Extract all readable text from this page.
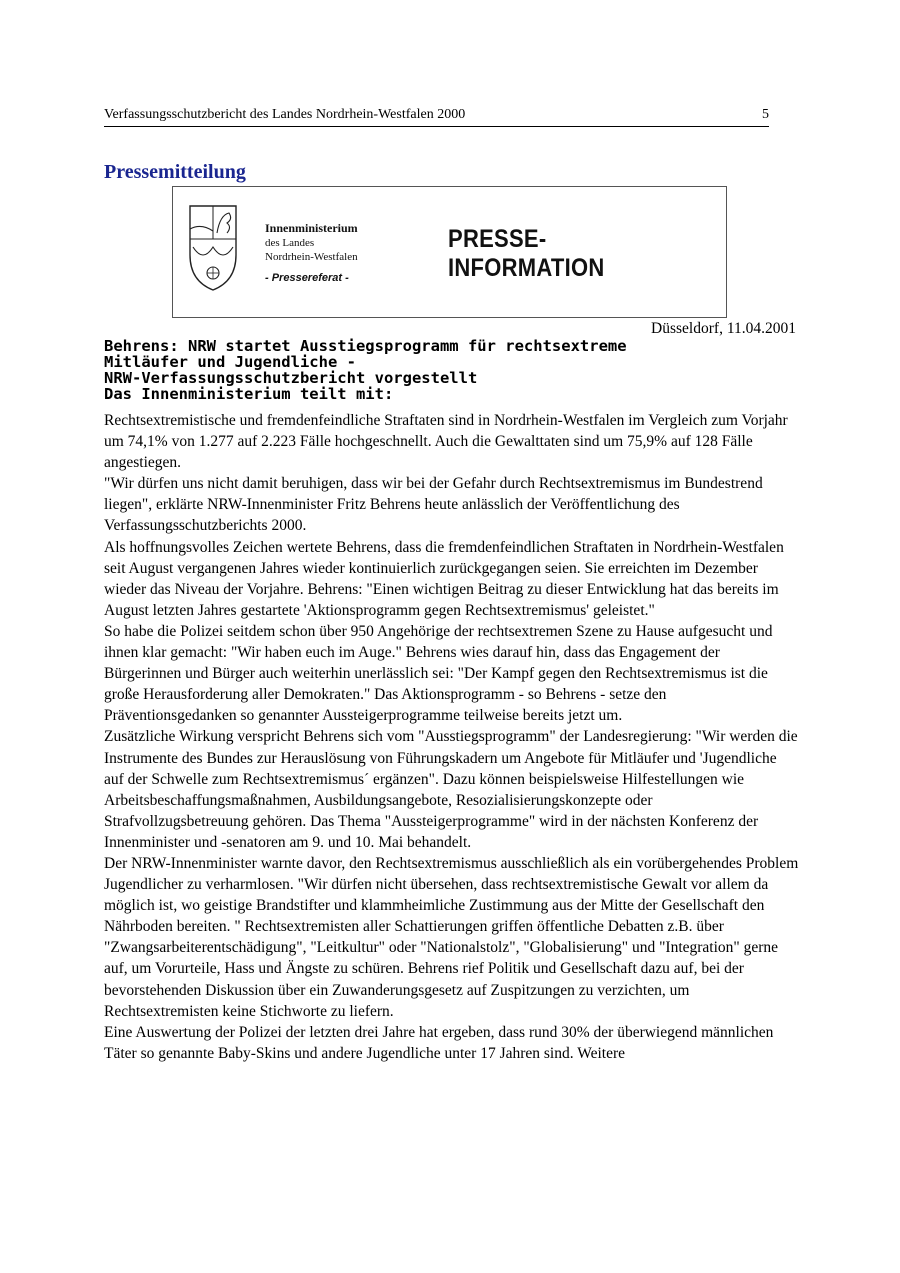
Verfassungsschutzbericht des Landes Nordrhein-Westfalen 2000	5
Pressemitteilung
Innenministerium
des Landes
Nordrhein-Westfalen
- Pressereferat -
PRESSE-INFORMATION
Düsseldorf, 11.04.2001
Behrens: NRW startet Ausstiegsprogramm für rechtsextreme
Mitläufer und Jugendliche -
NRW-Verfassungsschutzbericht vorgestellt
Das Innenministerium teilt mit:

Rechtsextremistische und fremdenfeindliche Straftaten sind in Nordrhein-Westfalen im Vergleich zum Vorjahr um 74,1% von 1.277 auf 2.223 Fälle hochgeschnellt. Auch die Gewalttaten sind um 75,9% auf 128 Fälle angestiegen.

"Wir dürfen uns nicht damit beruhigen, dass wir bei der Gefahr durch Rechtsextremismus im Bundestrend liegen", erklärte NRW-Innenminister Fritz Behrens heute anlässlich der Veröffentlichung des Verfassungsschutzberichts 2000.

Als hoffnungsvolles Zeichen wertete Behrens, dass die fremdenfeindlichen Straftaten in Nordrhein-Westfalen seit August vergangenen Jahres wieder kontinuierlich zurückgegangen seien. Sie erreichten im Dezember wieder das Niveau der Vorjahre. Behrens: "Einen wichtigen Beitrag zu dieser Entwicklung hat das bereits im August letzten Jahres gestartete 'Aktionsprogramm gegen Rechtsextremismus' geleistet."

So habe die Polizei seitdem schon über 950 Angehörige der rechtsextremen Szene zu Hause aufgesucht und ihnen klar gemacht: "Wir haben euch im Auge." Behrens wies darauf hin, dass das Engagement der Bürgerinnen und Bürger auch weiterhin unerlässlich sei: "Der Kampf gegen den Rechtsextremismus ist die große Herausforderung aller Demokraten." Das Aktionsprogramm - so Behrens - setze den Präventionsgedanken so genannter Aussteigerprogramme teilweise bereits jetzt um.

Zusätzliche Wirkung verspricht Behrens sich vom "Ausstiegsprogramm" der Landesregierung: "Wir werden die Instrumente des Bundes zur Herauslösung von Führungskadern um Angebote für Mitläufer und 'Jugendliche auf der Schwelle zum Rechtsextremismus´ ergänzen". Dazu können beispielsweise Hilfestellungen wie Arbeitsbeschaffungsmaßnahmen, Ausbildungsangebote, Resozialisierungskonzepte oder Strafvollzugsbetreuung gehören. Das Thema "Aussteigerprogramme" wird in der nächsten Konferenz der Innenminister und -senatoren am 9. und 10. Mai behandelt.

Der NRW-Innenminister warnte davor, den Rechtsextremismus ausschließlich als ein vorübergehendes Problem Jugendlicher zu verharmlosen. "Wir dürfen nicht übersehen, dass rechtsextremistische Gewalt vor allem da möglich ist, wo geistige Brandstifter und klammheimliche Zustimmung aus der Mitte der Gesellschaft den Nährboden bereiten. " Rechtsextremisten aller Schattierungen griffen öffentliche Debatten z.B. über "Zwangsarbeiterentschädigung", "Leitkultur" oder "Nationalstolz", "Globalisierung" und "Integration" gerne auf, um Vorurteile, Hass und Ängste zu schüren. Behrens rief Politik und Gesellschaft dazu auf, bei der bevorstehenden Diskussion über ein Zuwanderungsgesetz auf Zuspitzungen zu verzichten, um Rechtsextremisten keine Stichworte zu liefern.

Eine Auswertung der Polizei der letzten drei Jahre hat ergeben, dass rund 30% der überwiegend männlichen Täter so genannte Baby-Skins und andere Jugendliche unter 17 Jahren sind. Weitere
